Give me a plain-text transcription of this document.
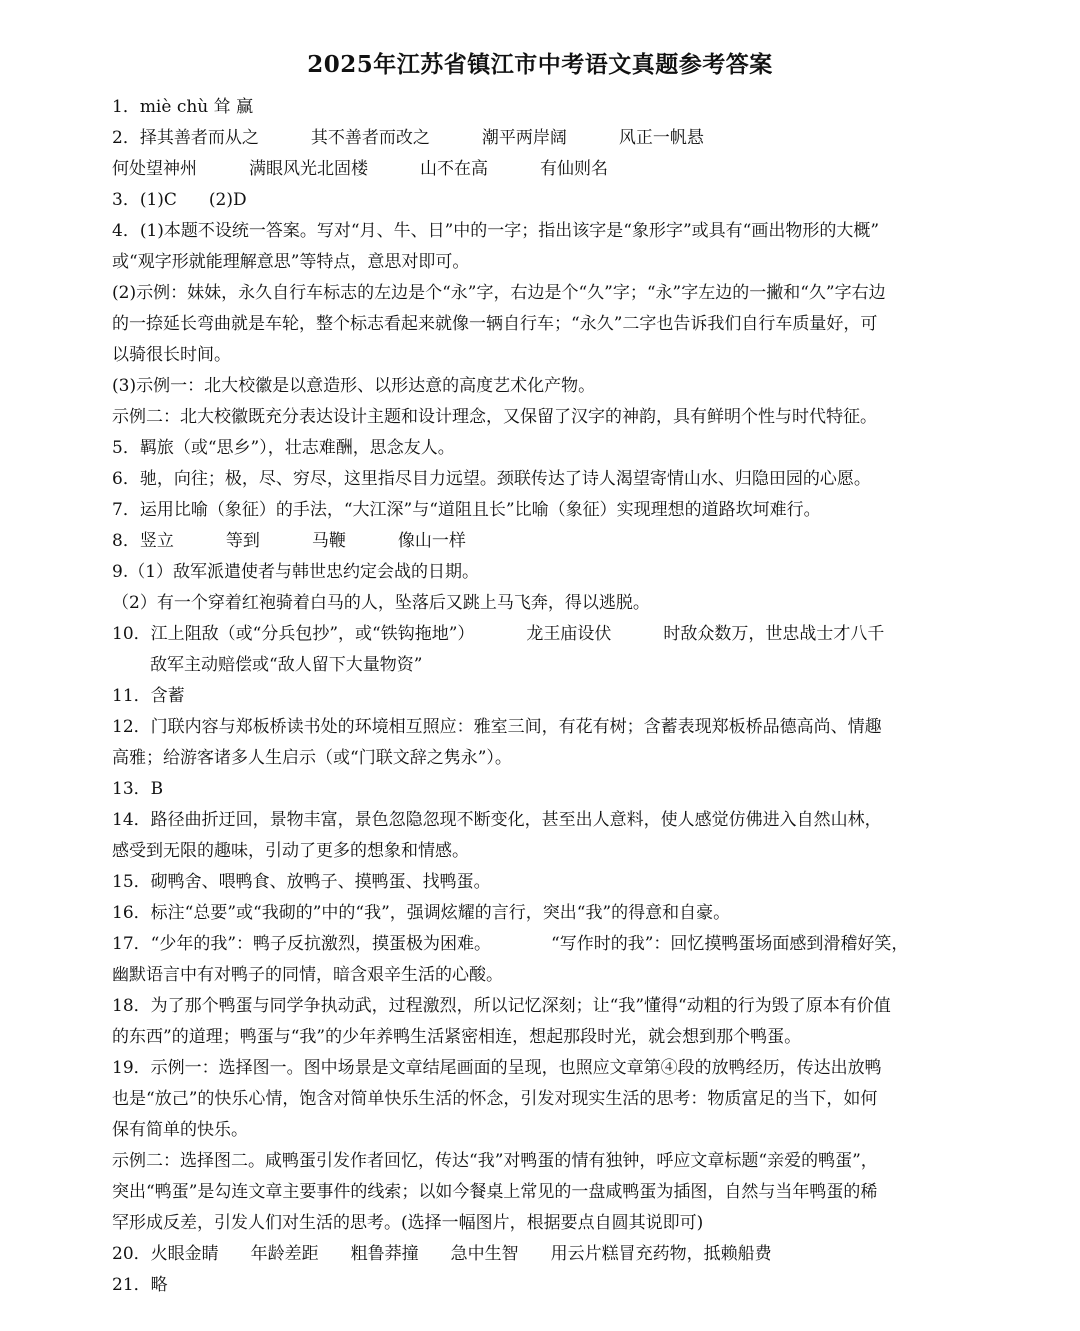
2025年江苏省镇江市中考语文真题参考答案
1．miè chù 耸 赢
2．择其善者而从之	其不善者而改之	潮平两岸阔	风正一帆悬
何处望神州	满眼风光北固楼	山不在高	有仙则名
3．(1)C (2)D
4．(1)本题不设统一答案。写对“月、牛、日”中的一字；指出该字是“象形字”或具有“画出物形的大概”
或“观字形就能理解意思”等特点，意思对即可。
(2)示例：妹妹，永久自行车标志的左边是个“永”字，右边是个“久”字；“永”字左边的一撇和“久”字右边
的一捺延长弯曲就是车轮，整个标志看起来就像一辆自行车；“永久”二字也告诉我们自行车质量好，可
以骑很长时间。
(3)示例一：北大校徽是以意造形、以形达意的高度艺术化产物。
示例二：北大校徽既充分表达设计主题和设计理念，又保留了汉字的神韵，具有鲜明个性与时代特征。
5．羁旅（或“思乡”），壮志难酬，思念友人。
6．驰，向往；极，尽、穷尽，这里指尽目力远望。颈联传达了诗人渴望寄情山水、归隐田园的心愿。
7．运用比喻（象征）的手法，“大江深”与“道阻且长”比喻（象征）实现理想的道路坎坷难行。
8．竖立	等到	马鞭	像山一样
9.（1）敌军派遣使者与韩世忠约定会战的日期。
（2）有一个穿着红袍骑着白马的人，坠落后又跳上马飞奔，得以逃脱。
10．江上阻敌（或“分兵包抄”，或“铁钩拖地”）	龙王庙设伏	时敌众数万，世忠战士才八千
敌军主动赔偿或“敌人留下大量物资”
11．含蓄
12．门联内容与郑板桥读书处的环境相互照应：雅室三间，有花有树；含蓄表现郑板桥品德高尚、情趣
高雅；给游客诸多人生启示（或“门联文辞之隽永”）。
13．B
14．路径曲折迂回，景物丰富，景色忽隐忽现不断变化，甚至出人意料，使人感觉仿佛进入自然山林，
感受到无限的趣味，引动了更多的想象和情感。
15．砌鸭舍、喂鸭食、放鸭子、摸鸭蛋、找鸭蛋。
16．标注“总要”或“我砌的”中的“我”，强调炫耀的言行，突出“我”的得意和自豪。
17．“少年的我”：鸭子反抗激烈，摸蛋极为困难。	“写作时的我”：回忆摸鸭蛋场面感到滑稽好笑，
幽默语言中有对鸭子的同情，暗含艰辛生活的心酸。
18．为了那个鸭蛋与同学争执动武，过程激烈，所以记忆深刻；让“我”懂得“动粗的行为毁了原本有价值
的东西”的道理；鸭蛋与“我”的少年养鸭生活紧密相连，想起那段时光，就会想到那个鸭蛋。
19．示例一：选择图一。图中场景是文章结尾画面的呈现，也照应文章第④段的放鸭经历，传达出放鸭
也是“放己”的快乐心情，饱含对简单快乐生活的怀念，引发对现实生活的思考：物质富足的当下，如何
保有简单的快乐。
示例二：选择图二。咸鸭蛋引发作者回忆，传达“我”对鸭蛋的情有独钟，呼应文章标题“亲爱的鸭蛋”，
突出“鸭蛋”是勾连文章主要事件的线索；以如今餐桌上常见的一盘咸鸭蛋为插图，自然与当年鸭蛋的稀
罕形成反差，引发人们对生活的思考。(选择一幅图片，根据要点自圆其说即可)
20．火眼金睛 年龄差距 粗鲁莽撞 急中生智 用云片糕冒充药物，抵赖船费
21．略
